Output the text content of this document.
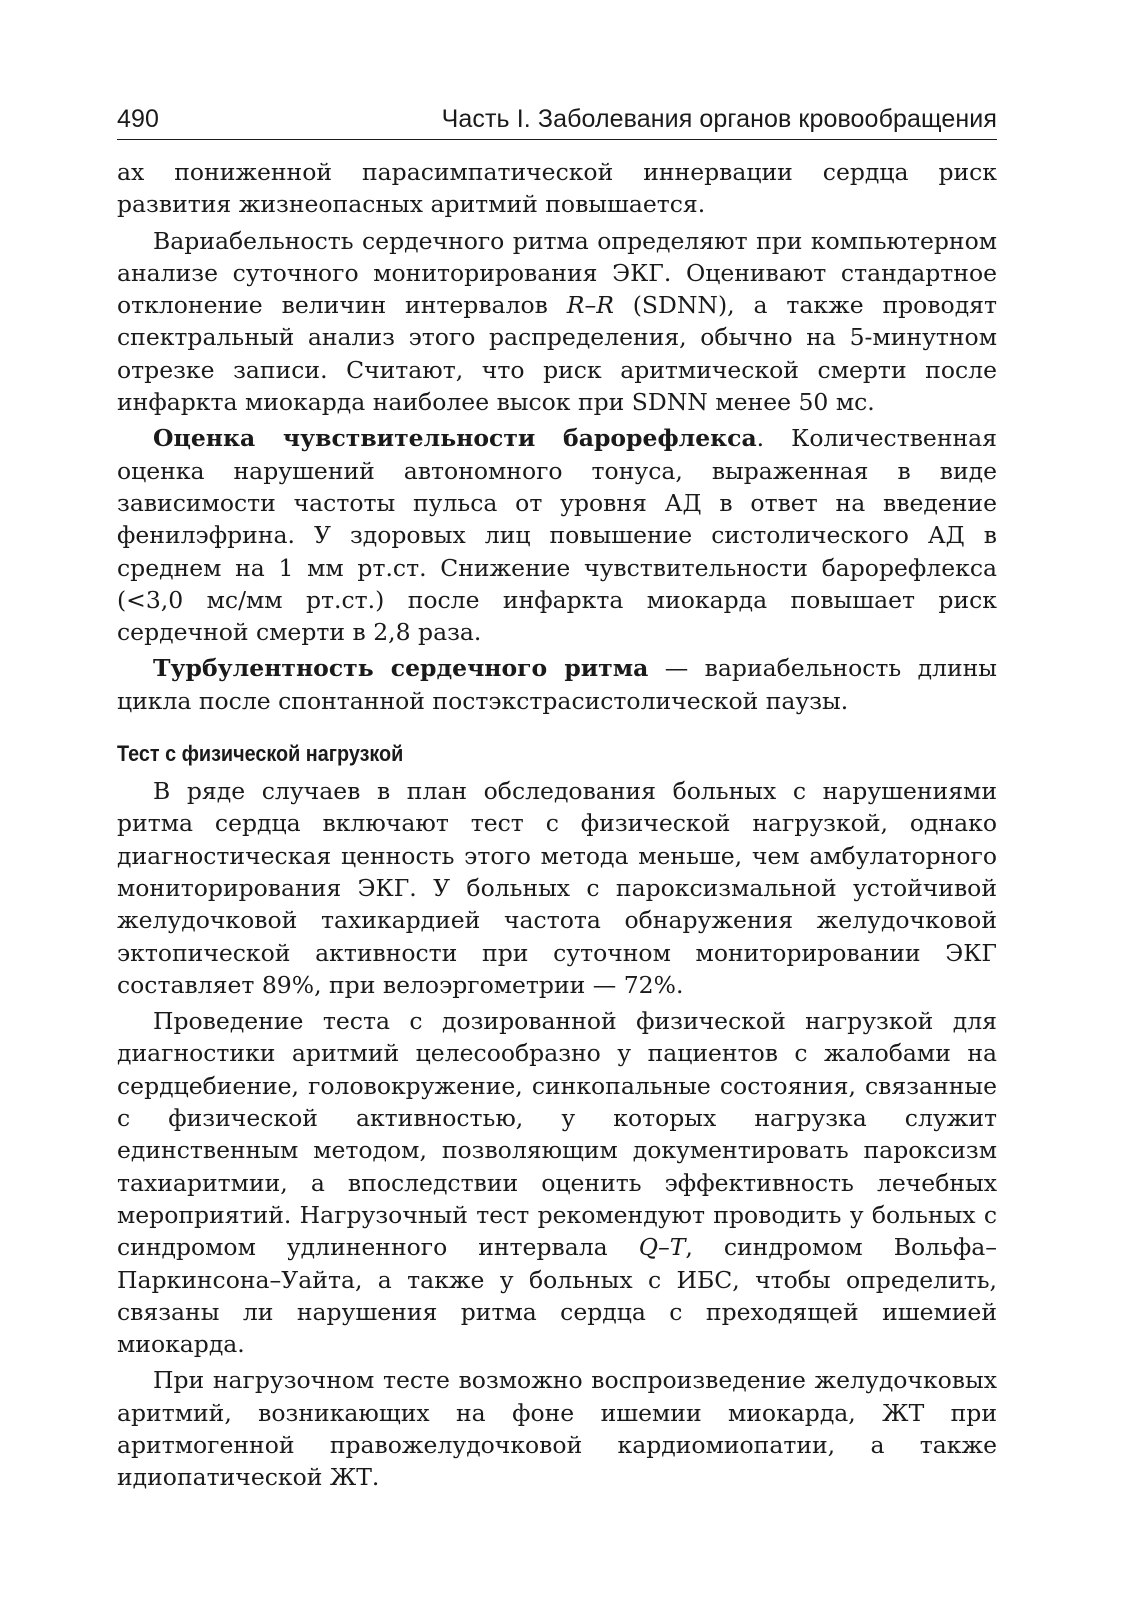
490	Часть I. Заболевания органов кровообращения

ах пониженной парасимпатической иннервации сердца риск развития жизнеопасных аритмий повышается.

Вариабельность сердечного ритма определяют при компьютерном анализе суточного мониторирования ЭКГ. Оценивают стандартное отклонение величин интервалов R–R (SDNN), а также проводят спектральный анализ этого распределения, обычно на 5-минутном отрезке записи. Считают, что риск аритмической смерти после инфаркта миокарда наиболее высок при SDNN менее 50 мс.

Оценка чувствительности барорефлекса. Количественная оценка нарушений автономного тонуса, выраженная в виде зависимости частоты пульса от уровня АД в ответ на введение фенилэфрина. У здоровых лиц повышение систолического АД в среднем на 1 мм рт.ст. Снижение чувствительности барорефлекса (<3,0 мс/мм рт.ст.) после инфаркта миокарда повышает риск сердечной смерти в 2,8 раза.

Турбулентность сердечного ритма — вариабельность длины цикла после спонтанной постэкстрасистолической паузы.

Тест с физической нагрузкой

В ряде случаев в план обследования больных с нарушениями ритма сердца включают тест с физической нагрузкой, однако диагностическая ценность этого метода меньше, чем амбулаторного мониторирования ЭКГ. У больных с пароксизмальной устойчивой желудочковой тахикардией частота обнаружения желудочковой эктопической активности при суточном мониторировании ЭКГ составляет 89%, при велоэргометрии — 72%.

Проведение теста с дозированной физической нагрузкой для диагностики аритмий целесообразно у пациентов с жалобами на сердцебиение, головокружение, синкопальные состояния, связанные с физической активностью, у которых нагрузка служит единственным методом, позволяющим документировать пароксизм тахиаритмии, а впоследствии оценить эффективность лечебных мероприятий. Нагрузочный тест рекомендуют проводить у больных с синдромом удлиненного интервала Q–T, синдромом Вольфа–Паркинсона–Уайта, а также у больных с ИБС, чтобы определить, связаны ли нарушения ритма сердца с преходящей ишемией миокарда.

При нагрузочном тесте возможно воспроизведение желудочковых аритмий, возникающих на фоне ишемии миокарда, ЖТ при аритмогенной правожелудочковой кардиомиопатии, а также идиопатической ЖТ.
